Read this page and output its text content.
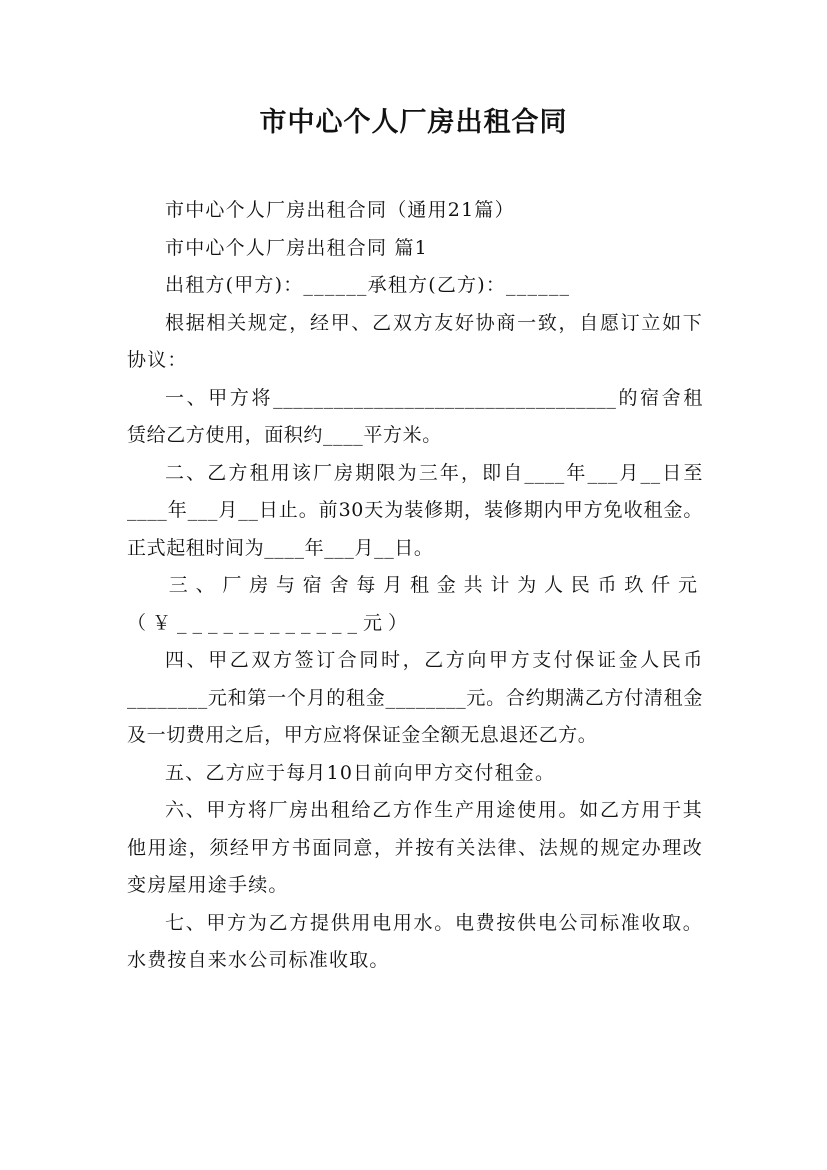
市中心个人厂房出租合同

市中心个人厂房出租合同（通用21篇）

市中心个人厂房出租合同 篇1

出租方(甲方)：______承租方(乙方)：______

根据相关规定，经甲、乙双方友好协商一致，自愿订立如下协议：

一、甲方将__________________________________的宿舍租赁给乙方使用，面积约____平方米。

二、乙方租用该厂房期限为三年，即自____年___月__日至____年___月__日止。前30天为装修期，装修期内甲方免收租金。正式起租时间为____年___月__日。

三、厂房与宿舍每月租金共计为人民币玖仟元（￥____________元）

四、甲乙双方签订合同时，乙方向甲方支付保证金人民币________元和第一个月的租金________元。合约期满乙方付清租金及一切费用之后，甲方应将保证金全额无息退还乙方。

五、乙方应于每月10日前向甲方交付租金。

六、甲方将厂房出租给乙方作生产用途使用。如乙方用于其他用途，须经甲方书面同意，并按有关法律、法规的规定办理改变房屋用途手续。

七、甲方为乙方提供用电用水。电费按供电公司标准收取。水费按自来水公司标准收取。
